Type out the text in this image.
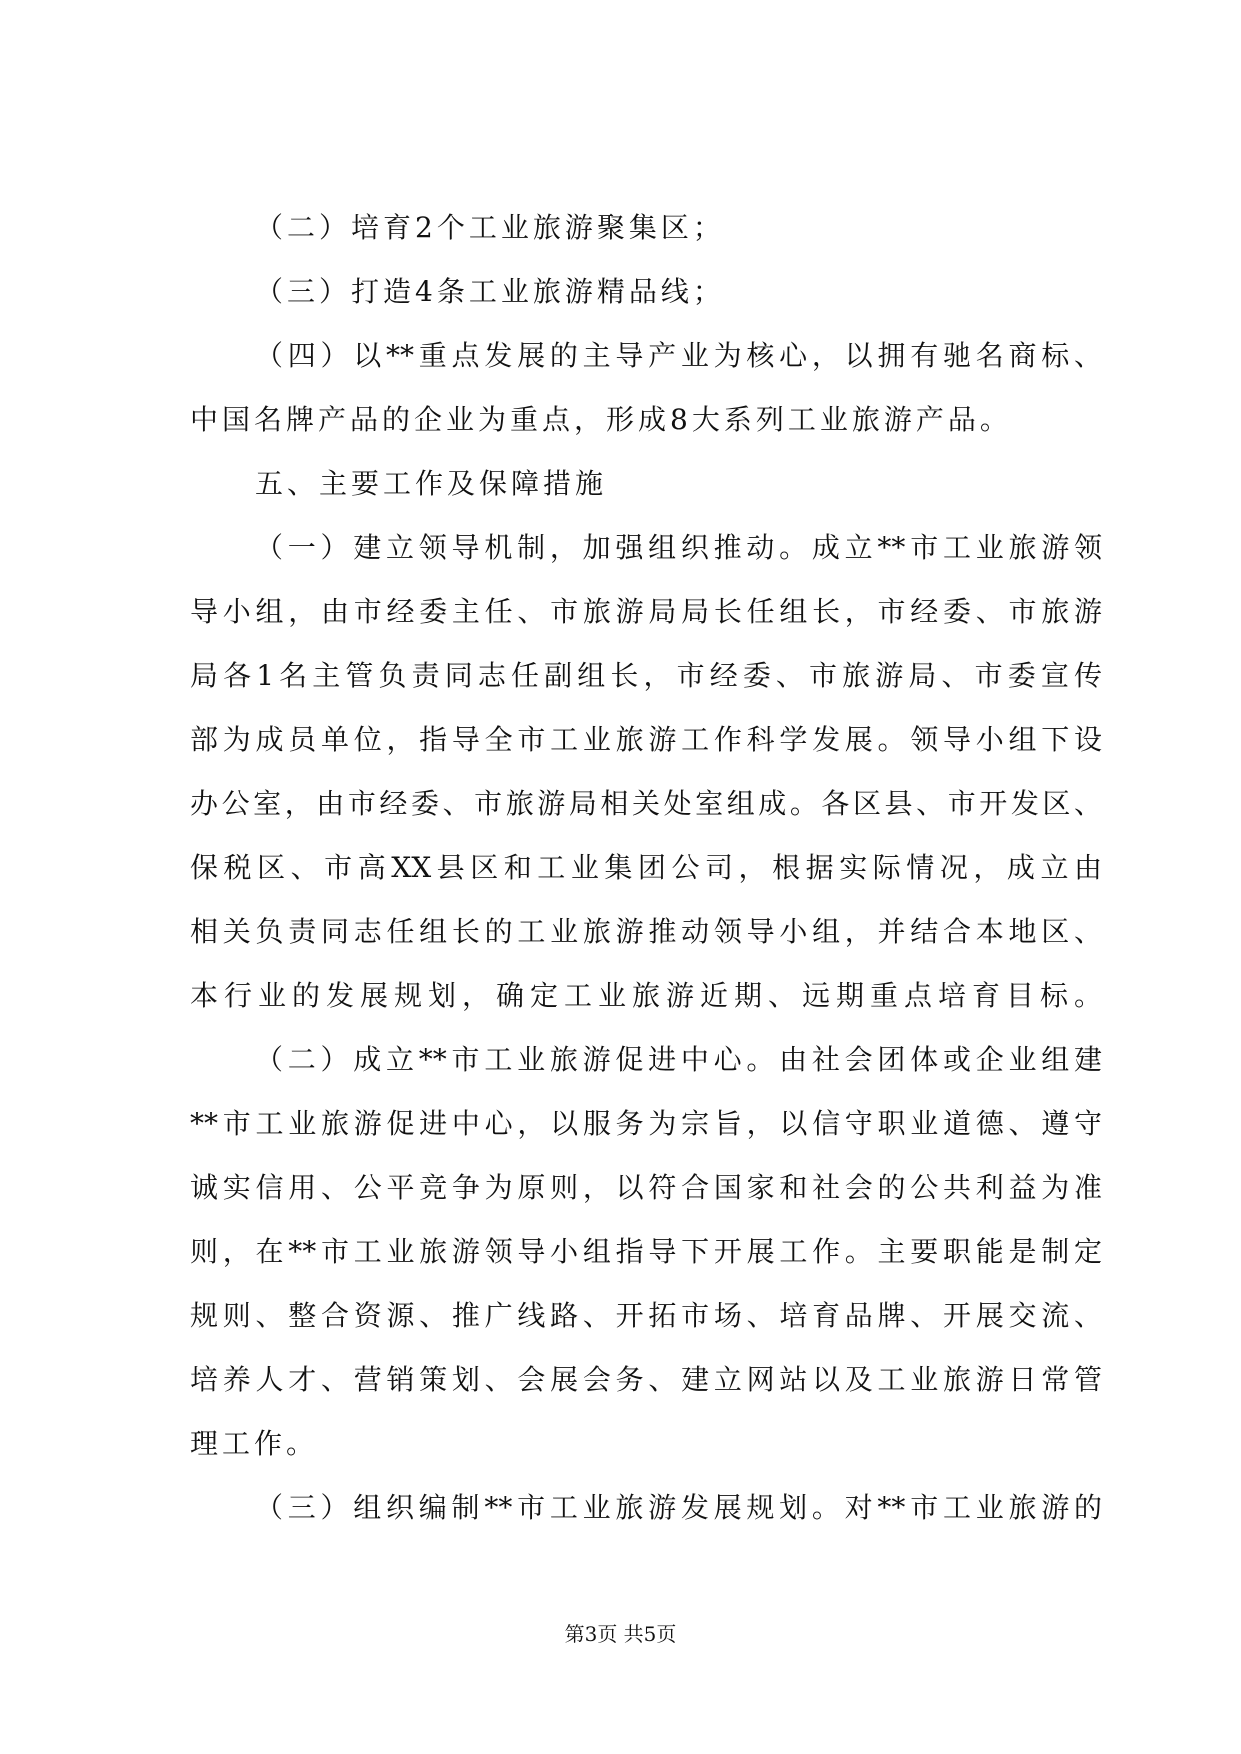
（二）培育2个工业旅游聚集区；
（三）打造4条工业旅游精品线；
（四）以**重点发展的主导产业为核心，以拥有驰名商标、
中国名牌产品的企业为重点，形成8大系列工业旅游产品。
五、主要工作及保障措施
（一）建立领导机制，加强组织推动。成立**市工业旅游领
导小组，由市经委主任、市旅游局局长任组长，市经委、市旅游
局各1名主管负责同志任副组长，市经委、市旅游局、市委宣传
部为成员单位，指导全市工业旅游工作科学发展。领导小组下设
办公室，由市经委、市旅游局相关处室组成。各区县、市开发区、
保税区、市高XX县区和工业集团公司，根据实际情况，成立由
相关负责同志任组长的工业旅游推动领导小组，并结合本地区、
本行业的发展规划，确定工业旅游近期、远期重点培育目标。
（二）成立**市工业旅游促进中心。由社会团体或企业组建
**市工业旅游促进中心，以服务为宗旨，以信守职业道德、遵守
诚实信用、公平竞争为原则，以符合国家和社会的公共利益为准
则，在**市工业旅游领导小组指导下开展工作。主要职能是制定
规则、整合资源、推广线路、开拓市场、培育品牌、开展交流、
培养人才、营销策划、会展会务、建立网站以及工业旅游日常管
理工作。
（三）组织编制**市工业旅游发展规划。对**市工业旅游的
第3页 共5页
